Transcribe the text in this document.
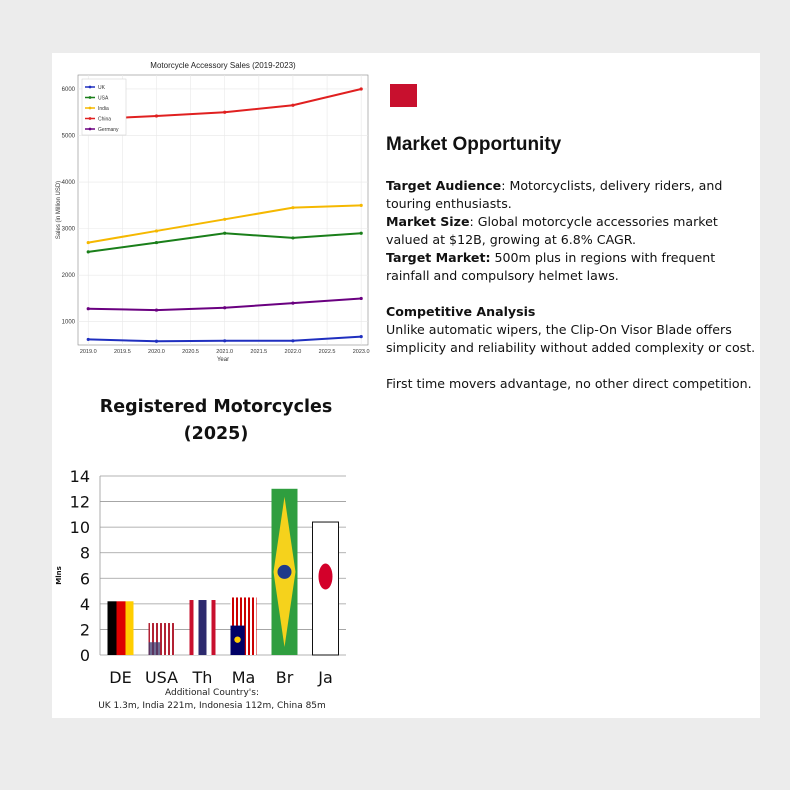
1000
2000
3000
4000
5000
6000
2019.0	2019.5	2020.0	2020.5	2021.0	2021.5	2022.0	2022.5	2023.0
Motorcycle Accessory Sales (2019-2023)
Year
Sales (in Million USD)
UK
USA
India
China
Germany
Market Opportunity

Target Audience: Motorcyclists, delivery riders, and touring enthusiasts.

Market Size: Global motorcycle accessories market valued at $12B, growing at 6.8% CAGR.

Target Market: 500m plus in regions with frequent rainfall and compulsory helmet laws.

Competitive Analysis

Unlike automatic wipers, the Clip-On Visor Blade offers simplicity and reliability without added complexity or cost.

First time movers advantage, no other direct competition.

Registered Motorcycles
(2025)
0
2
4
6
8
10
12
14
Mlns
DE USA Th Ma Br Ja
Additional Country's:
UK 1.3m, India 221m, Indonesia 112m, China 85m
